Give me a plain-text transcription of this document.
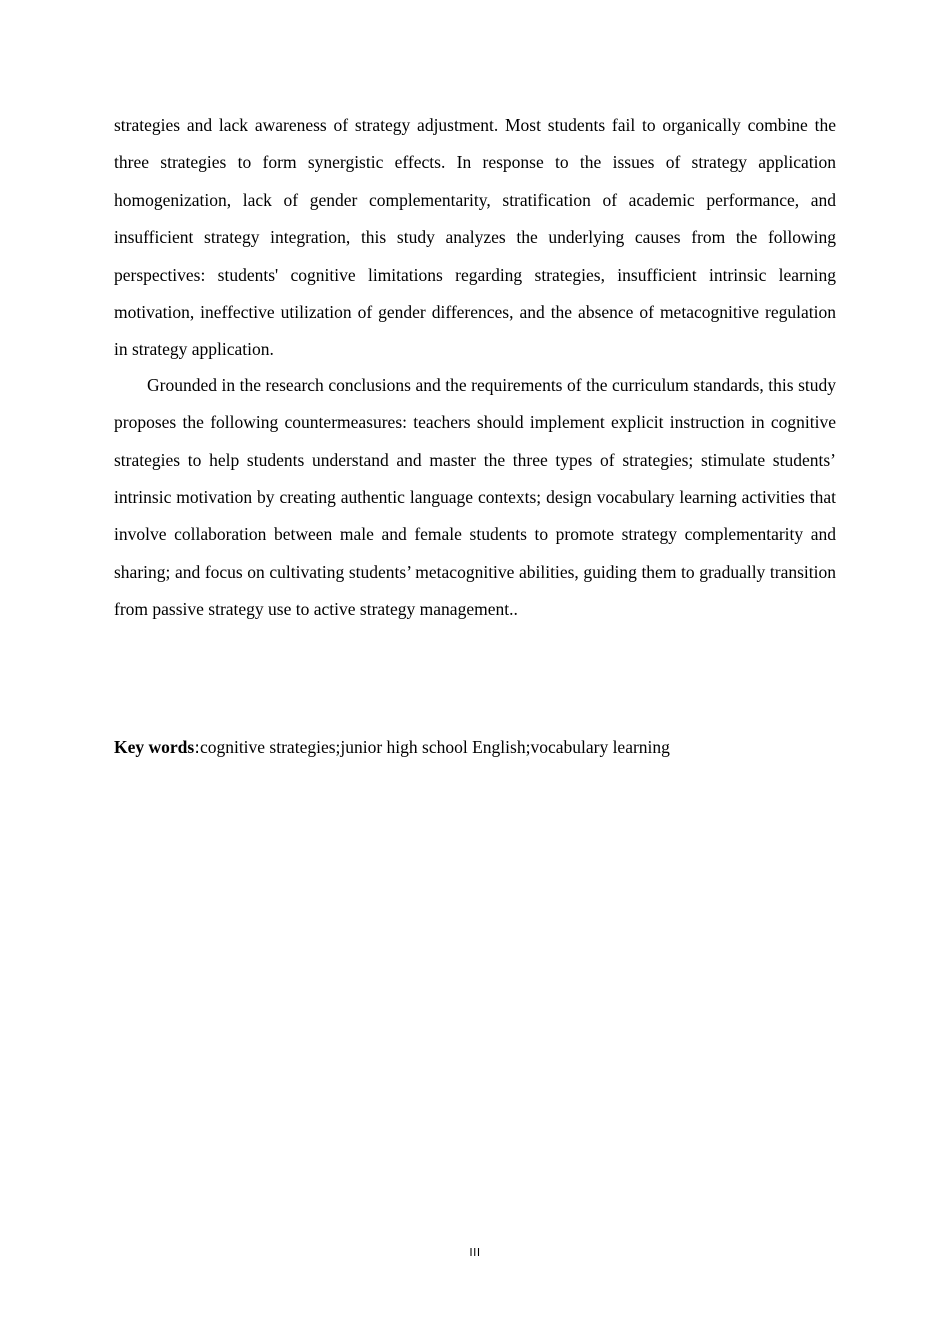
strategies and lack awareness of strategy adjustment. Most students fail to organically combine the three strategies to form synergistic effects. In response to the issues of strategy application homogenization, lack of gender complementarity, stratification of academic performance, and insufficient strategy integration, this study analyzes the underlying causes from the following perspectives: students' cognitive limitations regarding strategies, insufficient intrinsic learning motivation, ineffective utilization of gender differences, and the absence of metacognitive regulation in strategy application.

Grounded in the research conclusions and the requirements of the curriculum standards, this study proposes the following countermeasures: teachers should implement explicit instruction in cognitive strategies to help students understand and master the three types of strategies; stimulate students’ intrinsic motivation by creating authentic language contexts; design vocabulary learning activities that involve collaboration between male and female students to promote strategy complementarity and sharing; and focus on cultivating students’ metacognitive abilities, guiding them to gradually transition from passive strategy use to active strategy management..

Key words:cognitive strategies;junior high school English;vocabulary learning
III
